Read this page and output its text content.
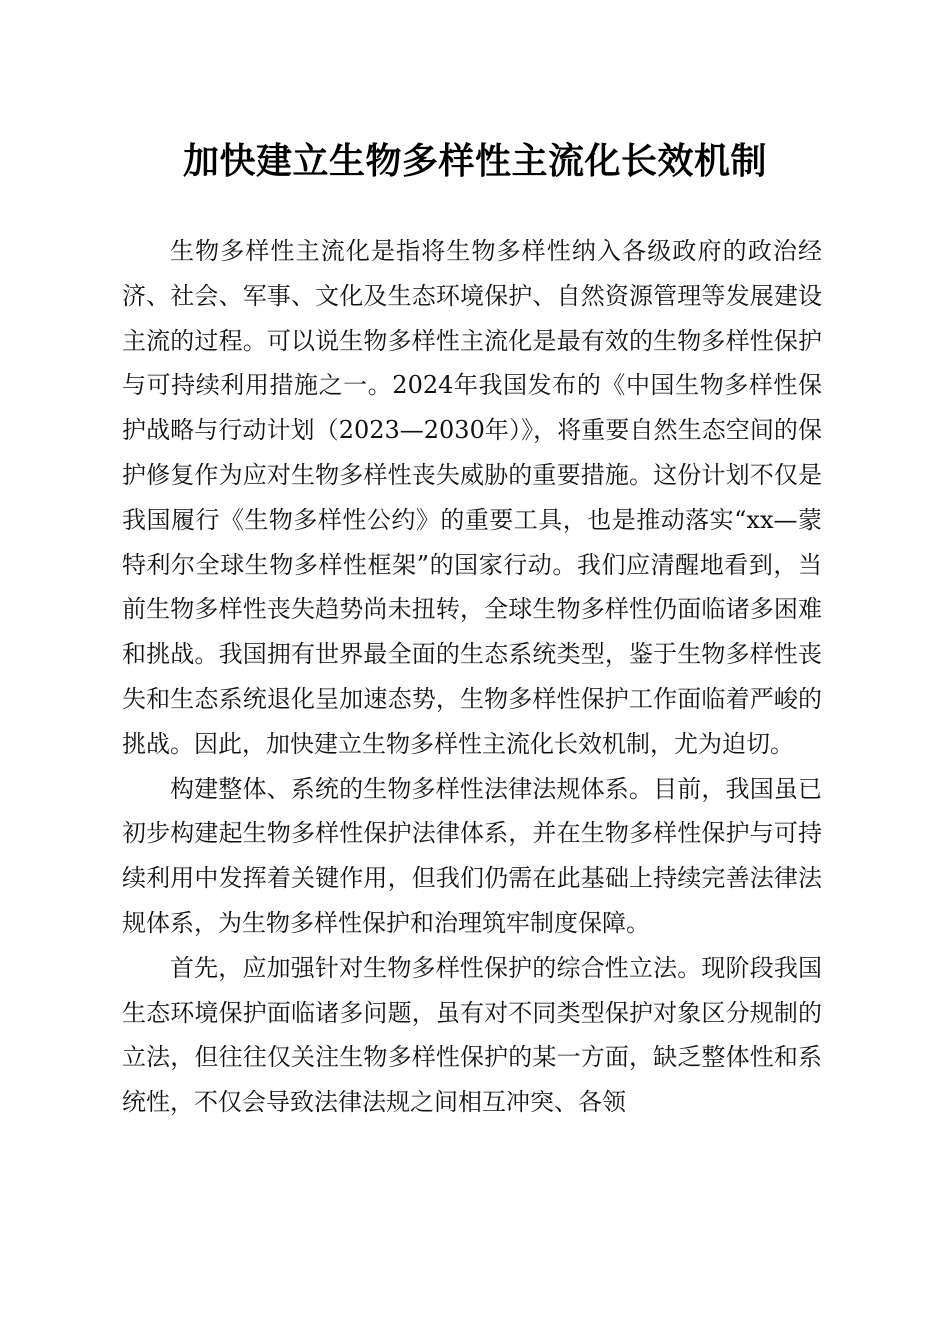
加快建立生物多样性主流化长效机制

生物多样性主流化是指将生物多样性纳入各级政府的政治经济、社会、军事、文化及生态环境保护、自然资源管理等发展建设主流的过程。可以说生物多样性主流化是最有效的生物多样性保护与可持续利用措施之一。2024年我国发布的《中国生物多样性保护战略与行动计划（2023—2030年）》，将重要自然生态空间的保护修复作为应对生物多样性丧失威胁的重要措施。这份计划不仅是我国履行《生物多样性公约》的重要工具，也是推动落实“xx—蒙特利尔全球生物多样性框架”的国家行动。我们应清醒地看到，当前生物多样性丧失趋势尚未扭转，全球生物多样性仍面临诸多困难和挑战。我国拥有世界最全面的生态系统类型，鉴于生物多样性丧失和生态系统退化呈加速态势，生物多样性保护工作面临着严峻的挑战。因此，加快建立生物多样性主流化长效机制，尤为迫切。

构建整体、系统的生物多样性法律法规体系。目前，我国虽已初步构建起生物多样性保护法律体系，并在生物多样性保护与可持续利用中发挥着关键作用，但我们仍需在此基础上持续完善法律法规体系，为生物多样性保护和治理筑牢制度保障。

首先，应加强针对生物多样性保护的综合性立法。现阶段我国生态环境保护面临诸多问题，虽有对不同类型保护对象区分规制的立法，但往往仅关注生物多样性保护的某一方面，缺乏整体性和系统性，不仅会导致法律法规之间相互冲突、各领
